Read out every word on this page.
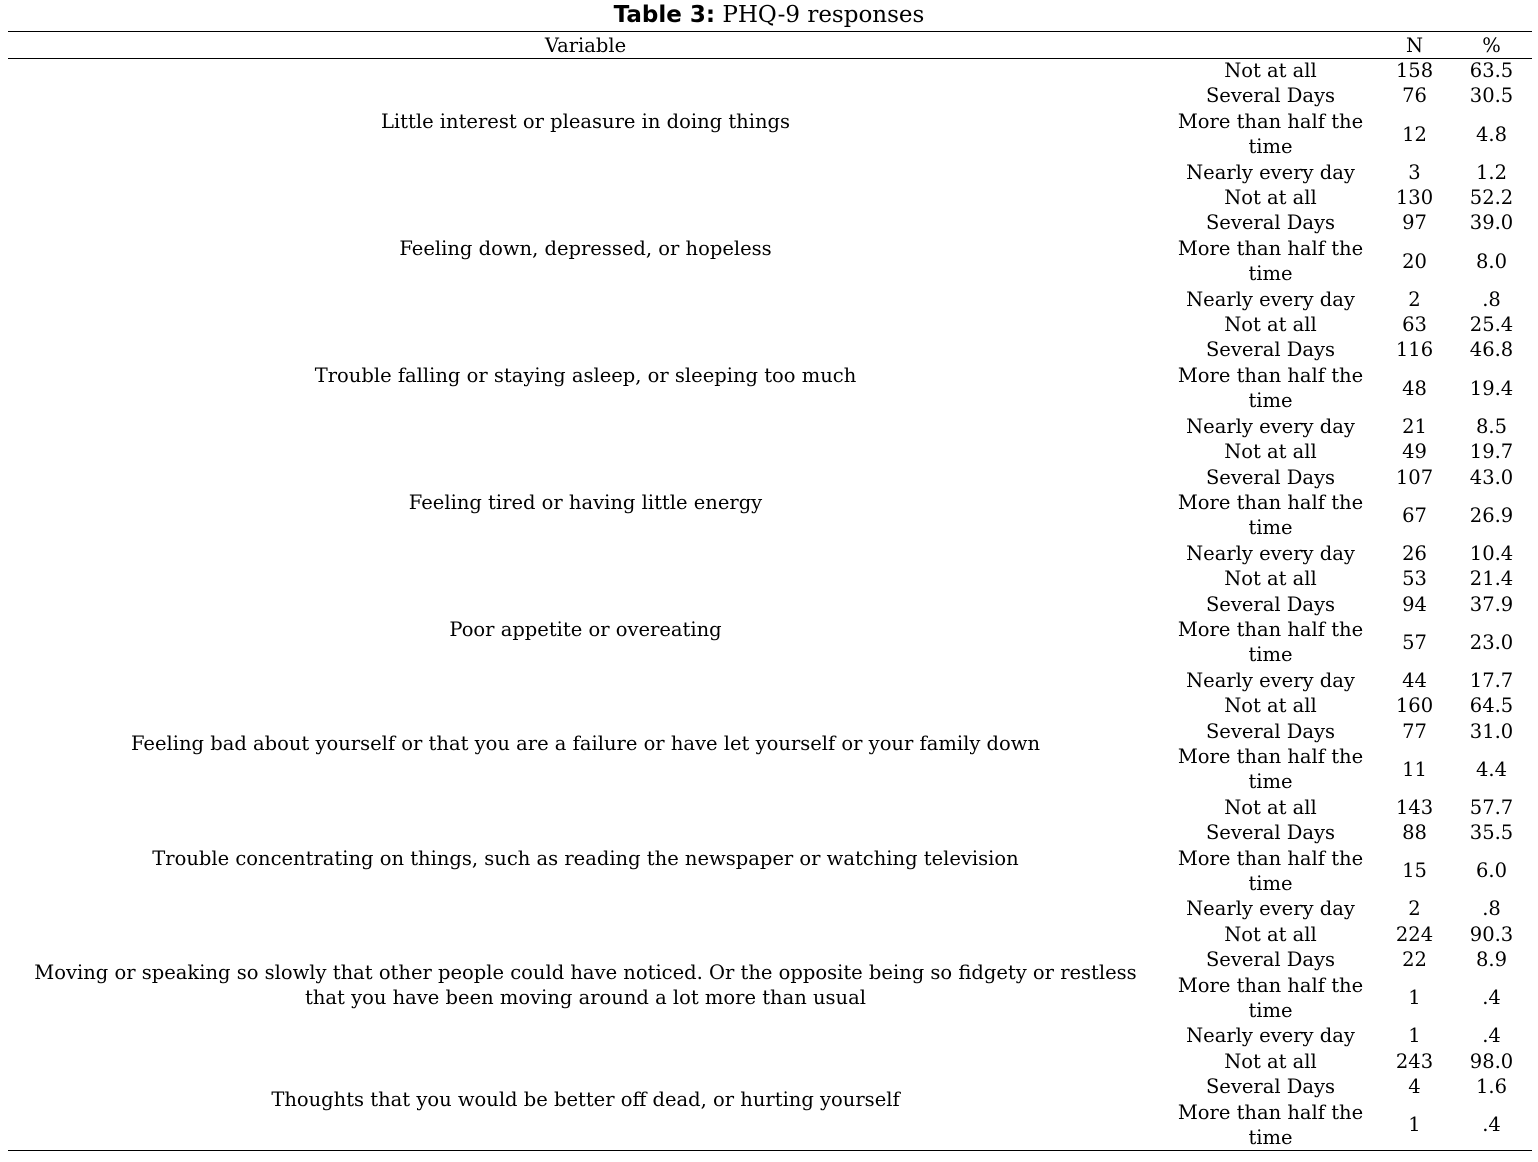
Table 3: PHQ-9 responses
Variable		N	%
Little interest or pleasure in doing things	Not at all	158	63.5
	Several Days	76	30.5
	More than half the time	12	4.8
	Nearly every day	3	1.2
Feeling down, depressed, or hopeless	Not at all	130	52.2
	Several Days	97	39.0
	More than half the time	20	8.0
	Nearly every day	2	.8
Trouble falling or staying asleep, or sleeping too much	Not at all	63	25.4
	Several Days	116	46.8
	More than half the time	48	19.4
	Nearly every day	21	8.5
Feeling tired or having little energy	Not at all	49	19.7
	Several Days	107	43.0
	More than half the time	67	26.9
	Nearly every day	26	10.4
Poor appetite or overeating	Not at all	53	21.4
	Several Days	94	37.9
	More than half the time	57	23.0
	Nearly every day	44	17.7
Feeling bad about yourself or that you are a failure or have let yourself or your family down	Not at all	160	64.5
	Several Days	77	31.0
	More than half the time	11	4.4
Trouble concentrating on things, such as reading the newspaper or watching television	Not at all	143	57.7
	Several Days	88	35.5
	More than half the time	15	6.0
	Nearly every day	2	.8
Moving or speaking so slowly that other people could have noticed. Or the opposite being so fidgety or restless that you have been moving around a lot more than usual	Not at all	224	90.3
	Several Days	22	8.9
	More than half the time	1	.4
	Nearly every day	1	.4
Thoughts that you would be better off dead, or hurting yourself	Not at all	243	98.0
	Several Days	4	1.6
	More than half the time	1	.4
